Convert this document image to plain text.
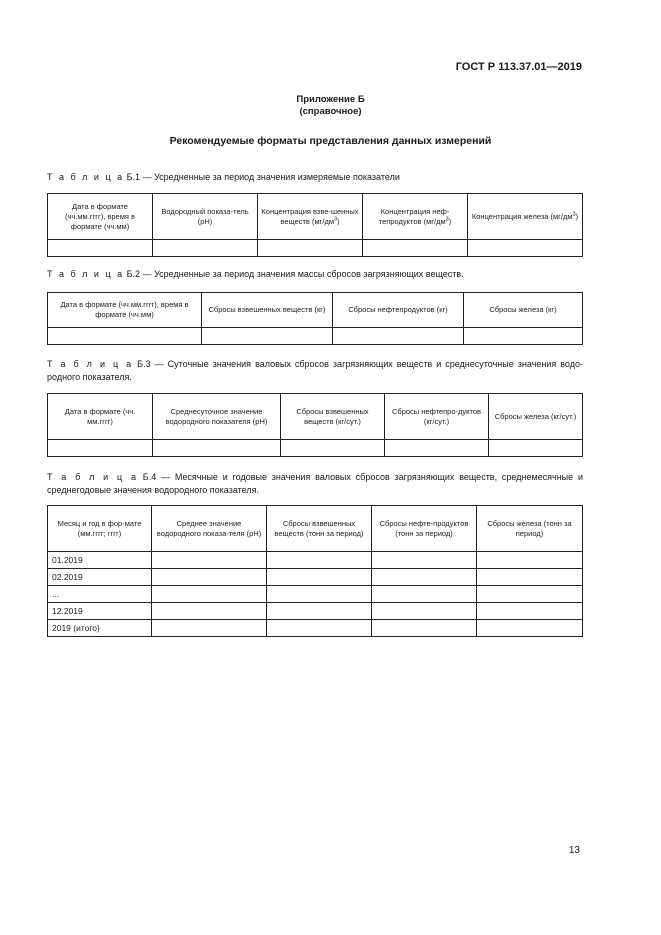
ГОСТ Р 113.37.01—2019
Приложение Б
(справочное)
Рекомендуемые форматы представления данных измерений
Т а б л и ц а Б.1 — Усредненные за период значения измеряемые показатели
Дата в формате (чч.мм.гггг), время в формате (чч.мм)	Водородный показа-тель (pH)	Концентрация взве-шенных веществ $(мг/дм^3)$	Концентрация неф-тепродуктов $(мг/дм^3)$	Концентрация железа $(мг/дм^3)$

Т а б л и ц а Б.2 — Усредненные за период значения массы сбросов загрязняющих веществ.
Дата в формате (чч.мм.гггг), время в формате (чч.мм)	Сбросы взвешенных веществ (кг)	Сбросы нефтепродуктов (кг)	Сбросы железа (кг)

Т а б л и ц а Б.3 — Суточные значения валовых сбросов загрязняющих веществ и среднесуточные значения водо-родного показателя.
Дата в формате (чч. мм.гггг)	Среднесуточное значение водородного показателя (pH)	Сбросы взвешенных веществ (кг/сут.)	Сбросы нефтепро-дуктов (кг/сут.)	Сбросы железа (кг/сут.)

Т а б л и ц а Б.4 — Месячные и годовые значения валовых сбросов загрязняющих веществ, среднемесячные и среднегодовые значения водородного показателя.
Месяц и год в фор-мате (мм.гггг; гггг)	Среднее значение водородного показа-теля (pH)	Сбросы взвешенных веществ (тонн за период)	Сбросы нефте-продуктов (тонн за период)	Сбросы железа (тонн за период)
01.2019				
02.2019				
...				
12.2019				
2019 (итого)				
13
